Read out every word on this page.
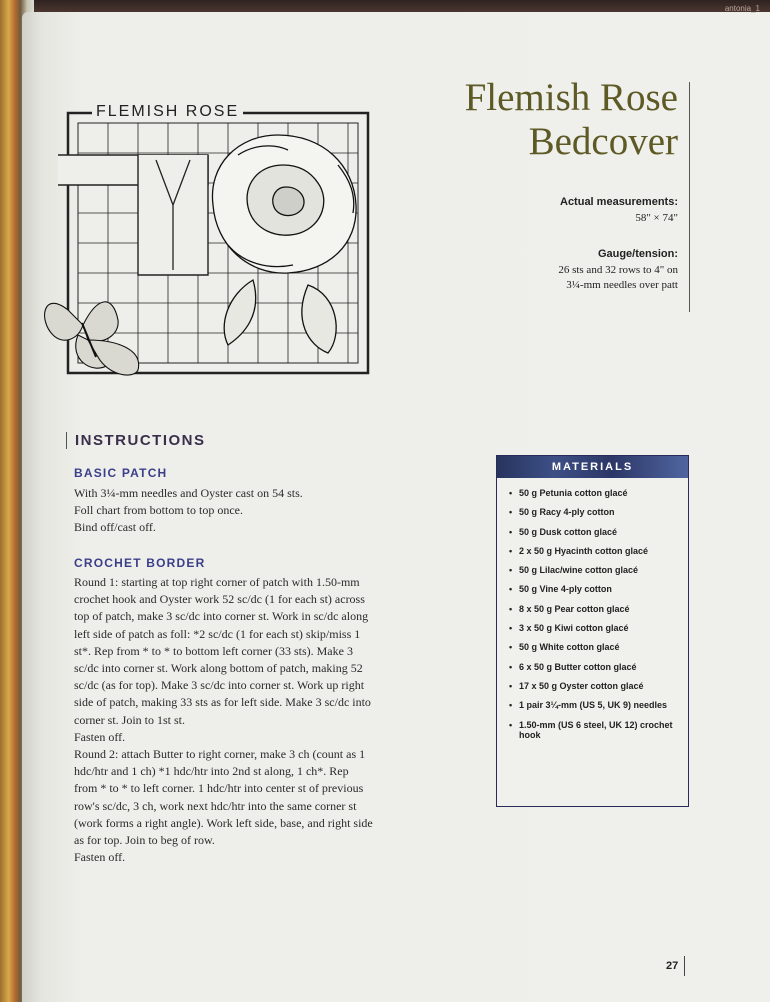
antonia_1
FLEMISH ROSE	Flemish Rose
Bedcover
Actual measurements:
58" × 74"
Gauge/tension:
26 sts and 32 rows to 4" on
3¼-mm needles over patt
INSTRUCTIONS
BASIC PATCH

With 3¼-mm needles and Oyster cast on 54 sts.

Foll chart from bottom to top once.

Bind off/cast off.

CROCHET BORDER

Round 1: starting at top right corner of patch with 1.50-mm crochet hook and Oyster work 52 sc/dc (1 for each st) across top of patch, make 3 sc/dc into corner st. Work in sc/dc along left side of patch as foll: *2 sc/dc (1 for each st) skip/miss 1 st*. Rep from * to * to bottom left corner (33 sts). Make 3 sc/dc into corner st. Work along bottom of patch, making 52 sc/dc (as for top). Make 3 sc/dc into corner st. Work up right side of patch, making 33 sts as for left side. Make 3 sc/dc into corner st. Join to 1st st.

Fasten off.

Round 2: attach Butter to right corner, make 3 ch (count as 1 hdc/htr and 1 ch) *1 hdc/htr into 2nd st along, 1 ch*. Rep from * to * to left corner. 1 hdc/htr into center st of previous row's sc/dc, 3 ch, work next hdc/htr into the same corner st (work forms a right angle). Work left side, base, and right side as for top. Join to beg of row.

Fasten off.

MATERIALS
• 50 g Petunia cotton glacé
• 50 g Racy 4-ply cotton
• 50 g Dusk cotton glacé
• 2 x 50 g Hyacinth cotton glacé
• 50 g Lilac/wine cotton glacé
• 50 g Vine 4-ply cotton
• 8 x 50 g Pear cotton glacé
• 3 x 50 g Kiwi cotton glacé
• 50 g White cotton glacé
• 6 x 50 g Butter cotton glacé
• 17 x 50 g Oyster cotton glacé
• 1 pair 3¼-mm (US 5, UK 9) needles
• 1.50-mm (US 6 steel, UK 12) crochet hook
27
